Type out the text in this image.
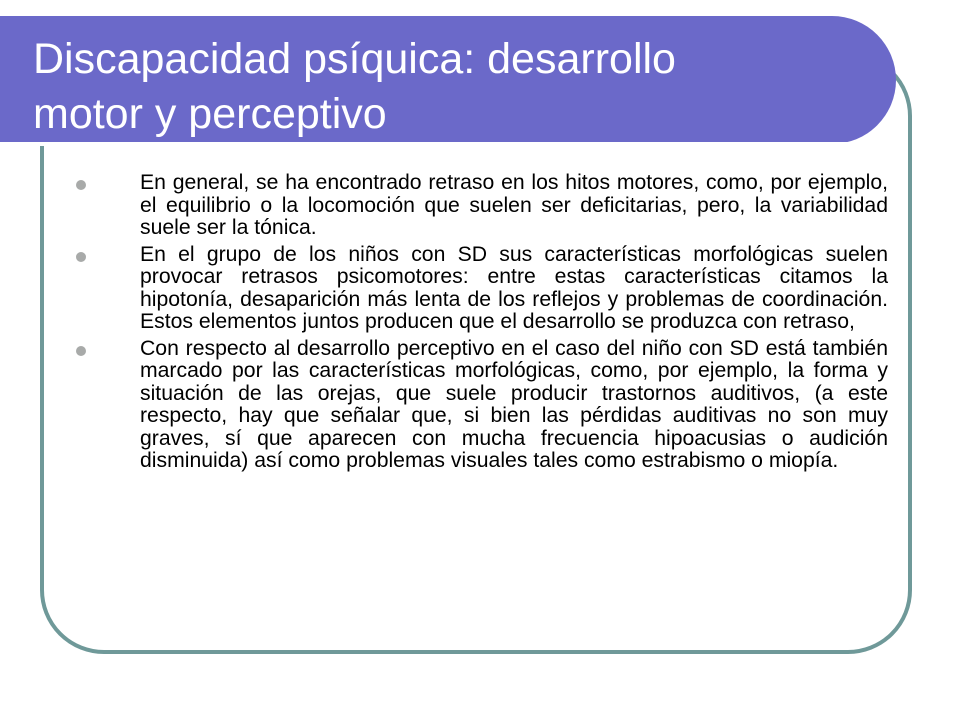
Discapacidad psíquica: desarrollo
motor y perceptivo
En general, se ha encontrado retraso en los hitos motores, como, por ejemplo, el equilibrio o la locomoción que suelen ser deficitarias, pero, la variabilidad suele ser la tónica.
En el grupo de los niños con SD sus características morfológicas suelen provocar retrasos psicomotores: entre estas características citamos la hipotonía, desaparición más lenta de los reflejos y problemas de coordinación. Estos elementos juntos producen que el desarrollo se produzca con retraso,
Con respecto al desarrollo perceptivo en el caso del niño con SD está también marcado por las características morfológicas, como, por ejemplo, la forma y situación de las orejas, que suele producir trastornos auditivos, (a este respecto, hay que señalar que, si bien las pérdidas auditivas no son muy graves, sí que aparecen con mucha frecuencia hipoacusias o audición disminuida) así como problemas visuales tales como estrabismo o miopía.
